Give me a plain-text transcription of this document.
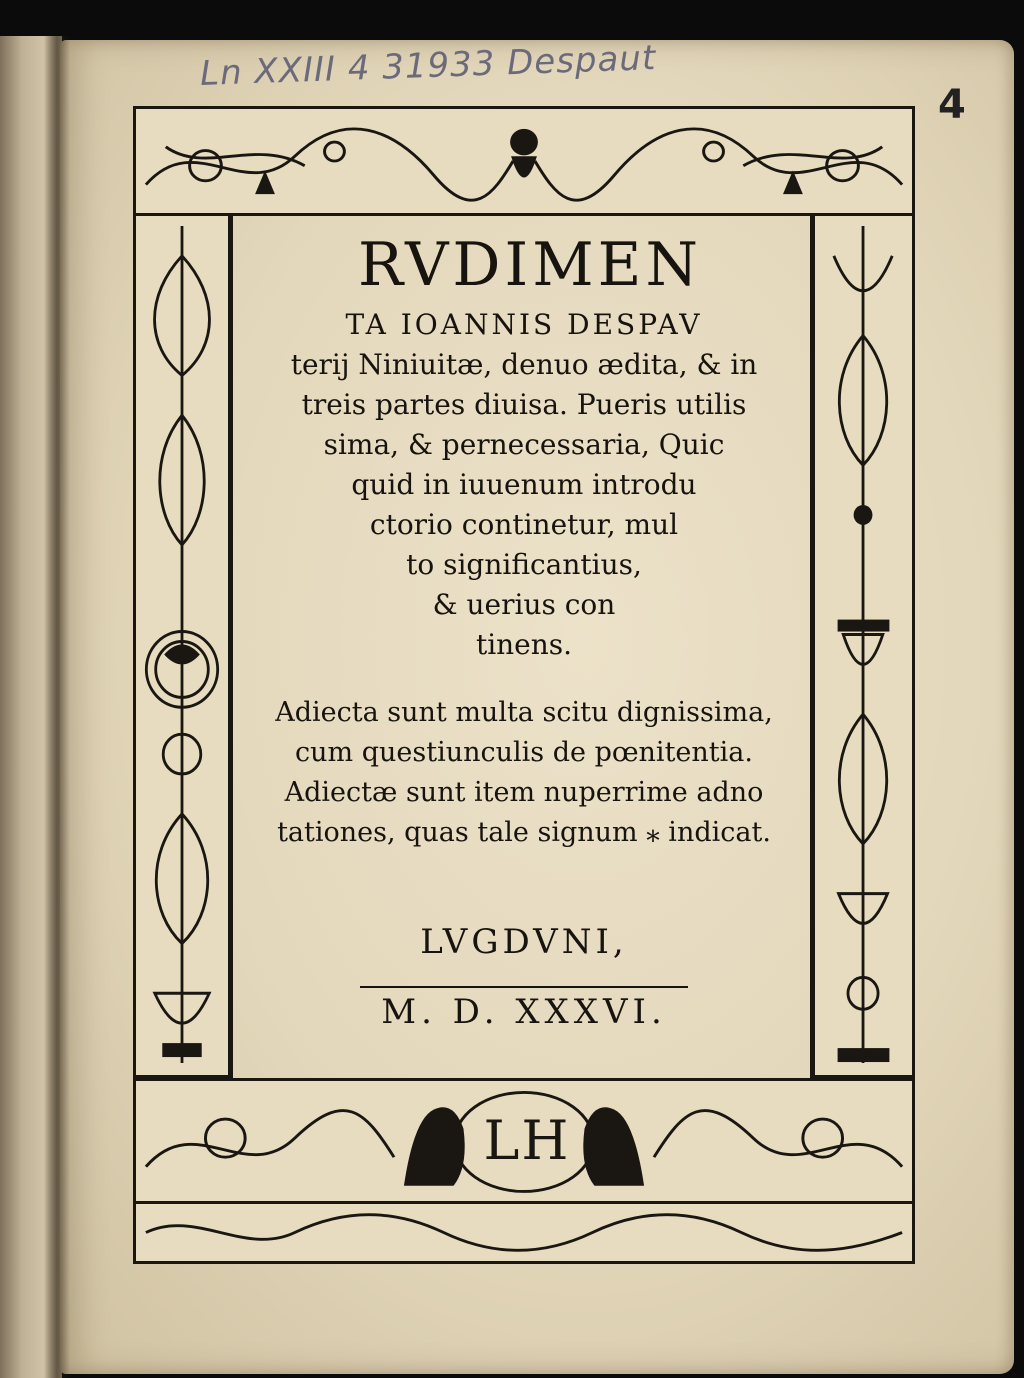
Ln XXIII 4 31933 Despaut
4
RVDIMEN
TA IOANNIS DESPAV
terij Niniuitæ, denuo ædita, & in
treis partes diuisa. Pueris utilis
sima, & pernecessaria, Quic
quid in iuuenum introdu
ctorio continetur, mul
to significantius,
& uerius con
tinens.
Adiecta sunt multa scitu dignissima,
cum questiunculis de pœnitentia.
Adiectæ sunt item nuperrime adno
tationes, quas tale signum ⁎ indicat.
LVGDVNI,
M. D. XXXVI.
LH
